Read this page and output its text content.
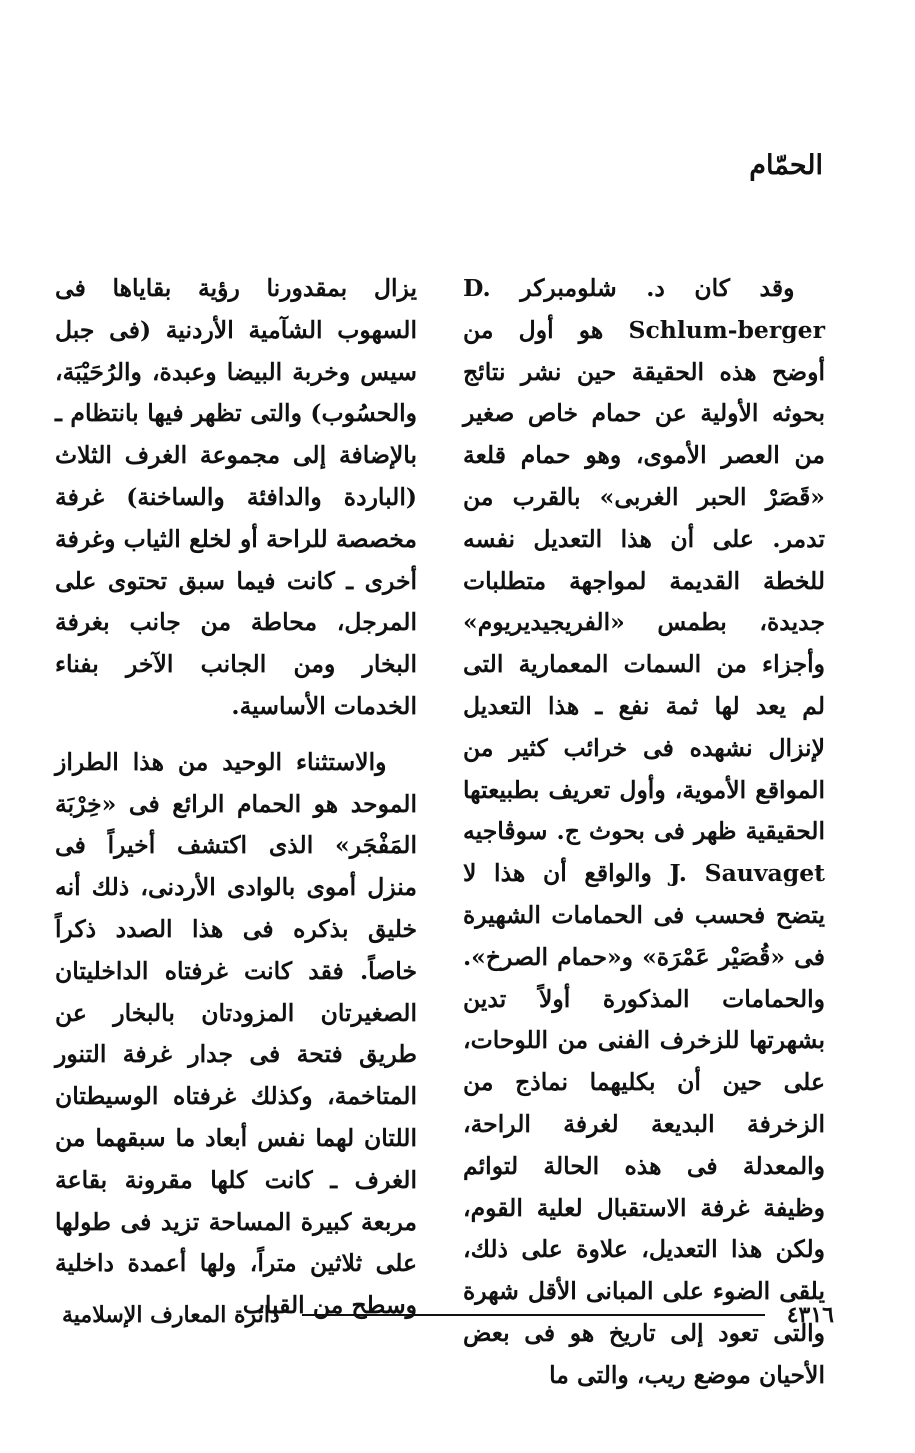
الحمّام

وقد كان د. شلومبركر D. Schlum-berger هو أول من أوضح هذه الحقيقة حين نشر نتائج بحوثه الأولية عن حمام خاص صغير من العصر الأموى، وهو حمام قلعة «قَصَرْ الحبر الغربى» بالقرب من تدمر. على أن هذا التعديل نفسه للخطة القديمة لمواجهة متطلبات جديدة، بطمس «الفريجيديريوم» وأجزاء من السمات المعمارية التى لم يعد لها ثمة نفع ـ هذا التعديل لإنزال نشهده فى خرائب كثير من المواقع الأموية، وأول تعريف بطبيعتها الحقيقية ظهر فى بحوث ج. سوڤاجيه J. Sauvaget والواقع أن هذا لا يتضح فحسب فى الحمامات الشهيرة فى «قُصَيْر عَمْرَة» و«حمام الصرخ». والحمامات المذكورة أولاً تدين بشهرتها للزخرف الفنى من اللوحات، على حين أن بكليهما نماذج من الزخرفة البديعة لغرفة الراحة، والمعدلة فى هذه الحالة لتوائم وظيفة غرفة الاستقبال لعلية القوم، ولكن هذا التعديل، علاوة على ذلك، يلقى الضوء على المبانى الأقل شهرة والتى تعود إلى تاريخ هو فى بعض الأحيان موضع ريب، والتى ما

يزال بمقدورنا رؤية بقاياها فى السهوب الشآمية الأردنية (فى جبل سيس وخربة البيضا وعبدة، والرُحَيْبَة، والحسُوب) والتى تظهر فيها بانتظام ـ بالإضافة إلى مجموعة الغرف الثلاث (الباردة والدافئة والساخنة) غرفة مخصصة للراحة أو لخلع الثياب وغرفة أخرى ـ كانت فيما سبق تحتوى على المرجل، محاطة من جانب بغرفة البخار ومن الجانب الآخر بفناء الخدمات الأساسية.

والاستثناء الوحيد من هذا الطراز الموحد هو الحمام الرائع فى «خِرْبَة المَفْجَر» الذى اكتشف أخيراً فى منزل أموى بالوادى الأردنى، ذلك أنه خليق بذكره فى هذا الصدد ذكراً خاصاً. فقد كانت غرفتاه الداخليتان الصغيرتان المزودتان بالبخار عن طريق فتحة فى جدار غرفة التنور المتاخمة، وكذلك غرفتاه الوسيطتان اللتان لهما نفس أبعاد ما سبقهما من الغرف ـ كانت كلها مقرونة بقاعة مربعة كبيرة المساحة تزيد فى طولها على ثلاثين متراً، ولها أعمدة داخلية وسطح من القباب	٤٣١٦
دائرة المعارف الإسلامية
